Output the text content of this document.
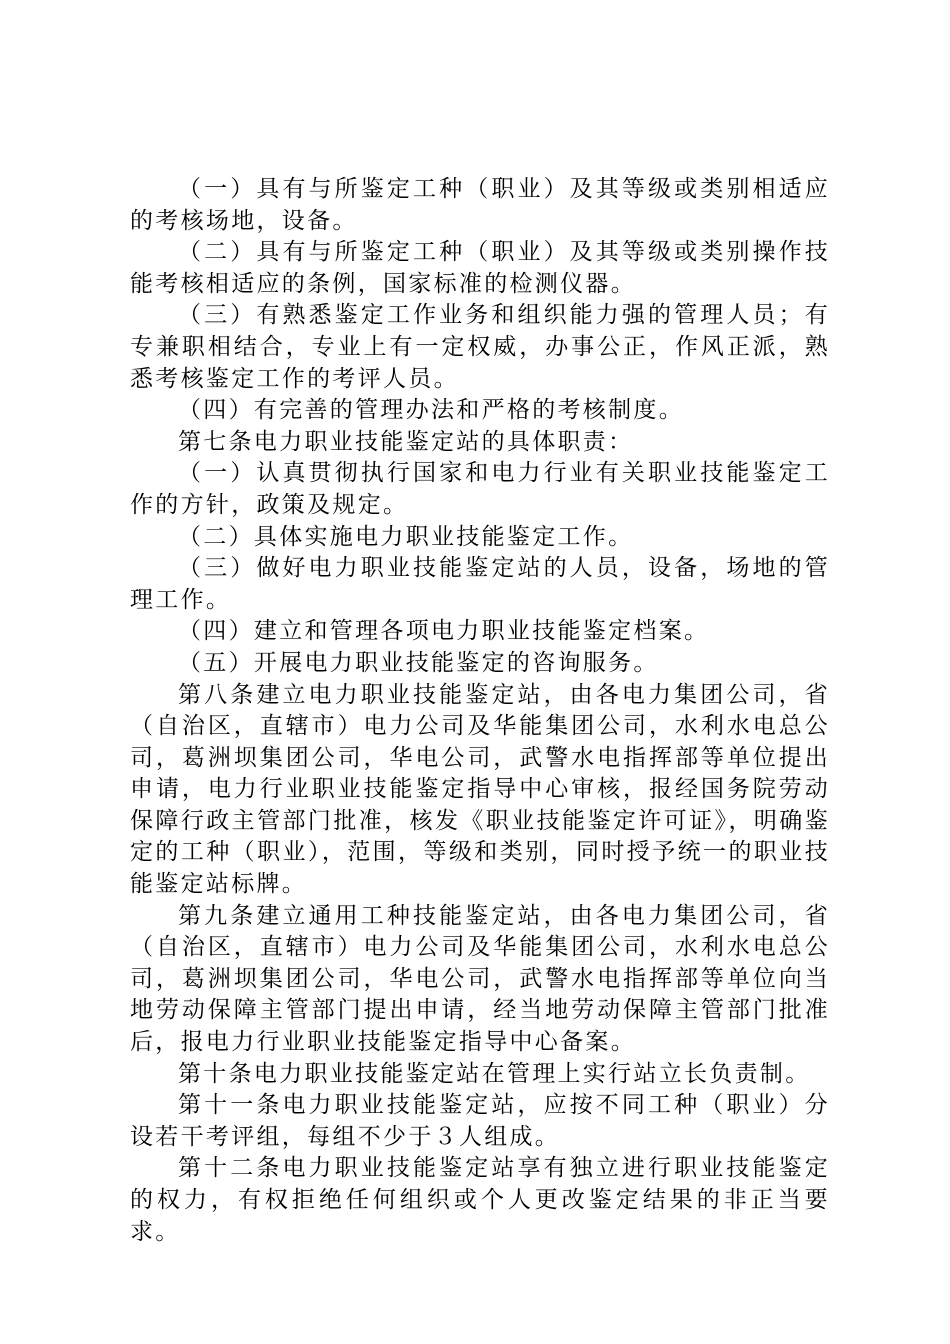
（一）具有与所鉴定工种（职业）及其等级或类别相适应的考核场地，设备。

（二）具有与所鉴定工种（职业）及其等级或类别操作技能考核相适应的条例，国家标准的检测仪器。

（三）有熟悉鉴定工作业务和组织能力强的管理人员；有专兼职相结合，专业上有一定权威，办事公正，作风正派，熟悉考核鉴定工作的考评人员。

（四）有完善的管理办法和严格的考核制度。

第七条电力职业技能鉴定站的具体职责：

（一）认真贯彻执行国家和电力行业有关职业技能鉴定工作的方针，政策及规定。

（二）具体实施电力职业技能鉴定工作。

（三）做好电力职业技能鉴定站的人员，设备，场地的管理工作。

（四）建立和管理各项电力职业技能鉴定档案。

（五）开展电力职业技能鉴定的咨询服务。

第八条建立电力职业技能鉴定站，由各电力集团公司，省（自治区，直辖市）电力公司及华能集团公司，水利水电总公司，葛洲坝集团公司，华电公司，武警水电指挥部等单位提出申请，电力行业职业技能鉴定指导中心审核，报经国务院劳动保障行政主管部门批准，核发《职业技能鉴定许可证》，明确鉴定的工种（职业），范围，等级和类别，同时授予统一的职业技能鉴定站标牌。

第九条建立通用工种技能鉴定站，由各电力集团公司，省（自治区，直辖市）电力公司及华能集团公司，水利水电总公司，葛洲坝集团公司，华电公司，武警水电指挥部等单位向当地劳动保障主管部门提出申请，经当地劳动保障主管部门批准后，报电力行业职业技能鉴定指导中心备案。

第十条电力职业技能鉴定站在管理上实行站立长负责制。

第十一条电力职业技能鉴定站，应按不同工种（职业）分设若干考评组，每组不少于３人组成。

第十二条电力职业技能鉴定站享有独立进行职业技能鉴定的权力，有权拒绝任何组织或个人更改鉴定结果的非正当要求。
